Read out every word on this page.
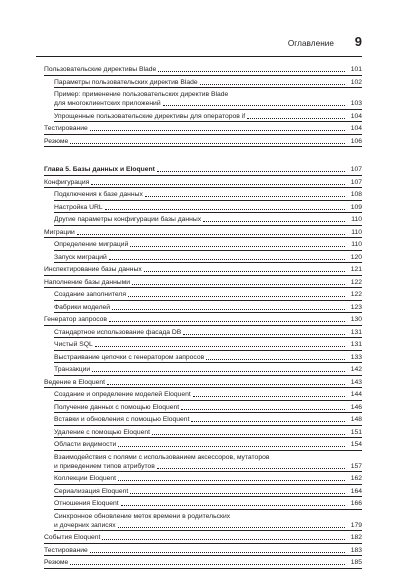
Оглавление 9
Пользовательские директивы Blade	101
Параметры пользовательских директив Blade	102
Пример: применение пользовательских директив Blade
для многоклиентских приложений	103
Упрощенные пользовательские директивы для операторов if	104
Тестирование	104
Резюме	106
Глава 5. Базы данных и Eloquent	107
Конфигурация	107
Подключения к базе данных	108
Настройка URL	109
Другие параметры конфигурации базы данных	110
Миграции	110
Определение миграций	110
Запуск миграций	120
Инспектирование базы данных	121
Наполнение базы данными	122
Создание заполнителя	122
Фабрики моделей	123
Генератор запросов	130
Стандартное использование фасада DB	131
Чистый SQL	131
Выстраивание цепочки с генератором запросов	133
Транзакции	142
Ведение в Eloquent	143
Создание и определение моделей Eloquent	144
Получение данных с помощью Eloquent	146
Вставки и обновления с помощью Eloquent	148
Удаление с помощью Eloquent	151
Области видимости	154
Взаимодействия с полями с использованием аксессоров, мутаторов
и приведением типов атрибутов	157
Коллекции Eloquent	162
Сериализация Eloquent	164
Отношения Eloquent	166
Синхронное обновление меток времени в родительских
и дочерних записях	179
События Eloquent	182
Тестирование	183
Резюме	185
